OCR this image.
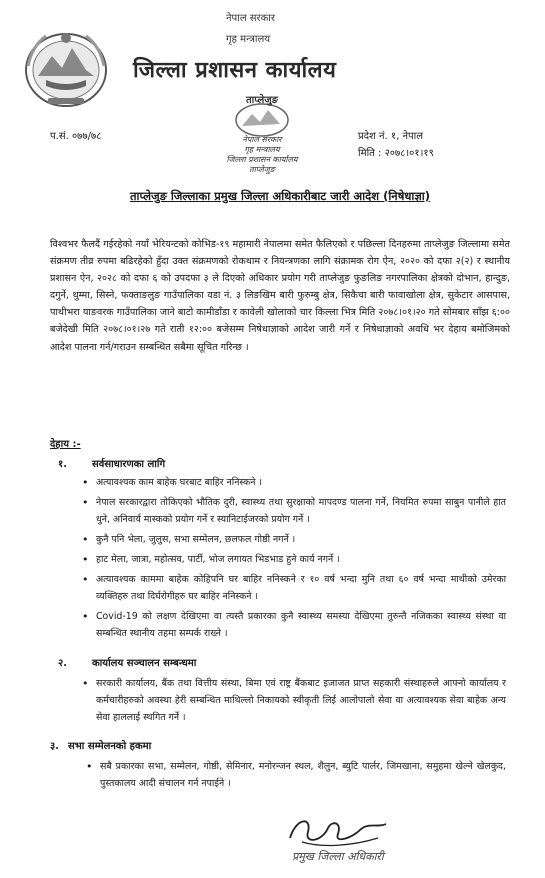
नेपाल सरकार
गृह मन्त्रालय
जिल्ला प्रशासन कार्यालय
ताप्लेजुङ
नेपाल सरकार
गृह मन्त्रालय
जिल्ला प्रशासन कार्यालय
ताप्लेजुङ
प.सं. ०७७/७८	प्रदेश नं. १, नेपाल
मिति : २०७८।०१।१९
ताप्लेजुङ जिल्लाका प्रमुख जिल्ला अधिकारीबाट जारी आदेश (निषेधाज्ञा)
विश्वभर फैलदैं गईरहेको नयाँ भेरियन्टको कोभिड-१९ महामारी नेपालमा समेत फैलिएको र पछिल्ला दिनहरुमा ताप्लेजुङ जिल्लामा समेत संक्रमण तीव्र रुपमा बढिरहेको हुँदा उक्त संक्रमणको रोकथाम र नियन्त्रणका लागि संक्रामक रोग ऐन, २०२० को दफा २(२) र स्थानीय प्रशासन ऐन, २०२८ को दफा ६ को उपदफा ३ ले दिएको अधिकार प्रयोग गरी ताप्लेजुङ फुङलिङ नगरपालिका क्षेत्रको दोभान, हान्दुङ, दगुर्ने, थुम्मा, सिस्ने, फक्ताङलुङ गाउँपालिका वडा नं. ३ लिङखिम बारी फुरुम्बु क्षेत्र, सिकैचा बारी फावाखोला क्षेत्र, सुकेटार आसपास, पाथीभरा याङवरक गाउँपालिका जाने बाटो कामीडाँडा र कावेली खोलाको चार किल्ला भित्र मिति २०७८।०१।२० गते सोमबार साँझ ६:०० बजेदेखी मिति २०७८।०१।२७ गते राती १२:०० बजेसम्म निषेधाज्ञाको आदेश जारी गर्ने र निषेधाज्ञाको अवधि भर देहाय बमोजिमको आदेश पालना गर्न/गराउन सम्बन्धित सबैमा सूचित गरिन्छ ।
देहाय :-
१.	सर्वसाधारणका लागि
• अत्यावश्यक काम बाहेक घरबाट बाहिर ननिस्कने ।
• नेपाल सरकारद्वारा तोकिएको भौतिक दुरी, स्वास्थ्य तथा सुरक्षाको मापदण्ड पालना गर्ने, नियमित रुपमा साबुन पानीले हात धुने, अनिवार्य मास्कको प्रयोग गर्ने र स्यानिटाईजरको प्रयोग गर्ने ।
• कुनै पनि भेला, जुलुस, सभा सम्मेलन, छलफल गोष्ठी नगर्ने ।
• हाट मेला, जात्रा, महोत्सव, पार्टी, भोज लगायत भिडभाड हुने कार्य नगर्ने ।
• अत्यावश्यक काममा बाहेक कोहिपनि घर बाहिर ननिस्कने र १० वर्ष भन्दा मुनि तथा ६० वर्ष भन्दा माथीको उमेरका व्यक्तिहरु तथा दिर्घरोगीहरु घर बाहिर ननिस्कने ।
• Covid-19 को लक्षण देखिएमा वा त्यस्तै प्रकारका कुनै स्वास्थ्य समस्या देखिएमा तुरुन्तै नजिकका स्वास्थ्य संस्था वा सम्बन्धित स्थानीय तहमा सम्पर्क राख्ने ।
२.	कार्यालय सञ्चालन सम्बन्धमा
• सरकारी कार्यालय, बैंक तथा वित्तीय संस्था, बिमा एवं राष्ट्र बैंकबाट इजाजत प्राप्त सहकारी संस्थाहरुले आफ्नो कार्यालय र कर्मचारीहरुको अवस्था हेरी सम्बन्धित माथिल्लो निकायको स्वीकृती लिई आलोपालो सेवा वा अत्यावश्यक सेवा बाहेक अन्य सेवा हाललाई स्थगित गर्ने ।
३. सभा सम्मेलनको हकमा
• सबै प्रकारका सभा, सम्मेलन, गोष्ठी, सेमिनार, मनोरन्जन स्थल, शैलुन, ब्युटि पार्लर, जिमखाना, समुहमा खेल्ने खेलकुद, पुस्तकालय आदी संचालन गर्न नपाईने ।
प्रमुख जिल्ला अधिकारी
